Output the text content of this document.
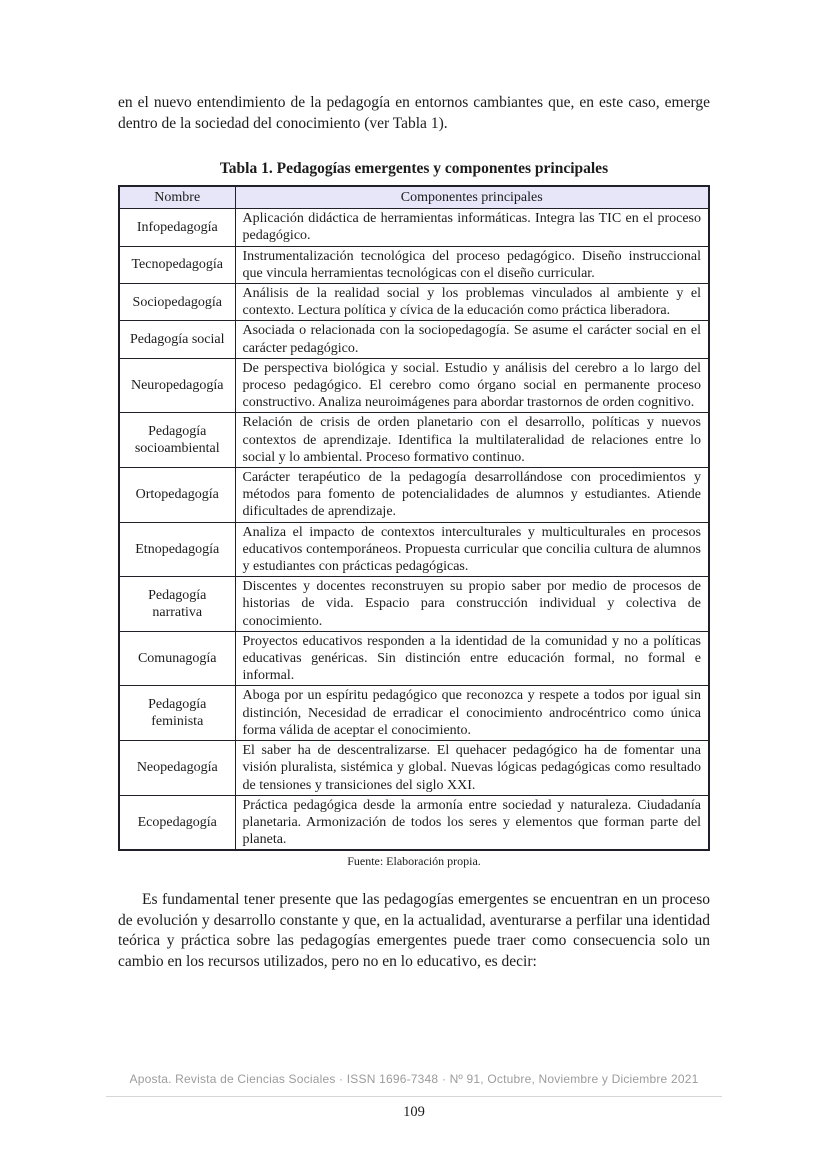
en el nuevo entendimiento de la pedagogía en entornos cambiantes que, en este caso, emerge dentro de la sociedad del conocimiento (ver Tabla 1).

Tabla 1. Pedagogías emergentes y componentes principales
Nombre	Componentes principales
Infopedagogía	Aplicación didáctica de herramientas informáticas. Integra las TIC en el proceso pedagógico.
Tecnopedagogía	Instrumentalización tecnológica del proceso pedagógico. Diseño instruccional que vincula herramientas tecnológicas con el diseño curricular.
Sociopedagogía	Análisis de la realidad social y los problemas vinculados al ambiente y el contexto. Lectura política y cívica de la educación como práctica liberadora.
Pedagogía social	Asociada o relacionada con la sociopedagogía. Se asume el carácter social en el carácter pedagógico.
Neuropedagogía	De perspectiva biológica y social. Estudio y análisis del cerebro a lo largo del proceso pedagógico. El cerebro como órgano social en permanente proceso constructivo. Analiza neuroimágenes para abordar trastornos de orden cognitivo.
Pedagogía socioambiental	Relación de crisis de orden planetario con el desarrollo, políticas y nuevos contextos de aprendizaje. Identifica la multilateralidad de relaciones entre lo social y lo ambiental. Proceso formativo continuo.
Ortopedagogía	Carácter terapéutico de la pedagogía desarrollándose con procedimientos y métodos para fomento de potencialidades de alumnos y estudiantes. Atiende dificultades de aprendizaje.
Etnopedagogía	Analiza el impacto de contextos interculturales y multiculturales en procesos educativos contemporáneos. Propuesta curricular que concilia cultura de alumnos y estudiantes con prácticas pedagógicas.
Pedagogía narrativa	Discentes y docentes reconstruyen su propio saber por medio de procesos de historias de vida. Espacio para construcción individual y colectiva de conocimiento.
Comunagogía	Proyectos educativos responden a la identidad de la comunidad y no a políticas educativas genéricas. Sin distinción entre educación formal, no formal e informal.
Pedagogía feminista	Aboga por un espíritu pedagógico que reconozca y respete a todos por igual sin distinción, Necesidad de erradicar el conocimiento androcéntrico como única forma válida de aceptar el conocimiento.
Neopedagogía	El saber ha de descentralizarse. El quehacer pedagógico ha de fomentar una visión pluralista, sistémica y global. Nuevas lógicas pedagógicas como resultado de tensiones y transiciones del siglo XXI.
Ecopedagogía	Práctica pedagógica desde la armonía entre sociedad y naturaleza. Ciudadanía planetaria. Armonización de todos los seres y elementos que forman parte del planeta.
Fuente: Elaboración propia.

Es fundamental tener presente que las pedagogías emergentes se encuentran en un proceso de evolución y desarrollo constante y que, en la actualidad, aventurarse a perfilar una identidad teórica y práctica sobre las pedagogías emergentes puede traer como consecuencia solo un cambio en los recursos utilizados, pero no en lo educativo, es decir:

Aposta. Revista de Ciencias Sociales · ISSN 1696-7348 · Nº 91, Octubre, Noviembre y Diciembre 2021
109
